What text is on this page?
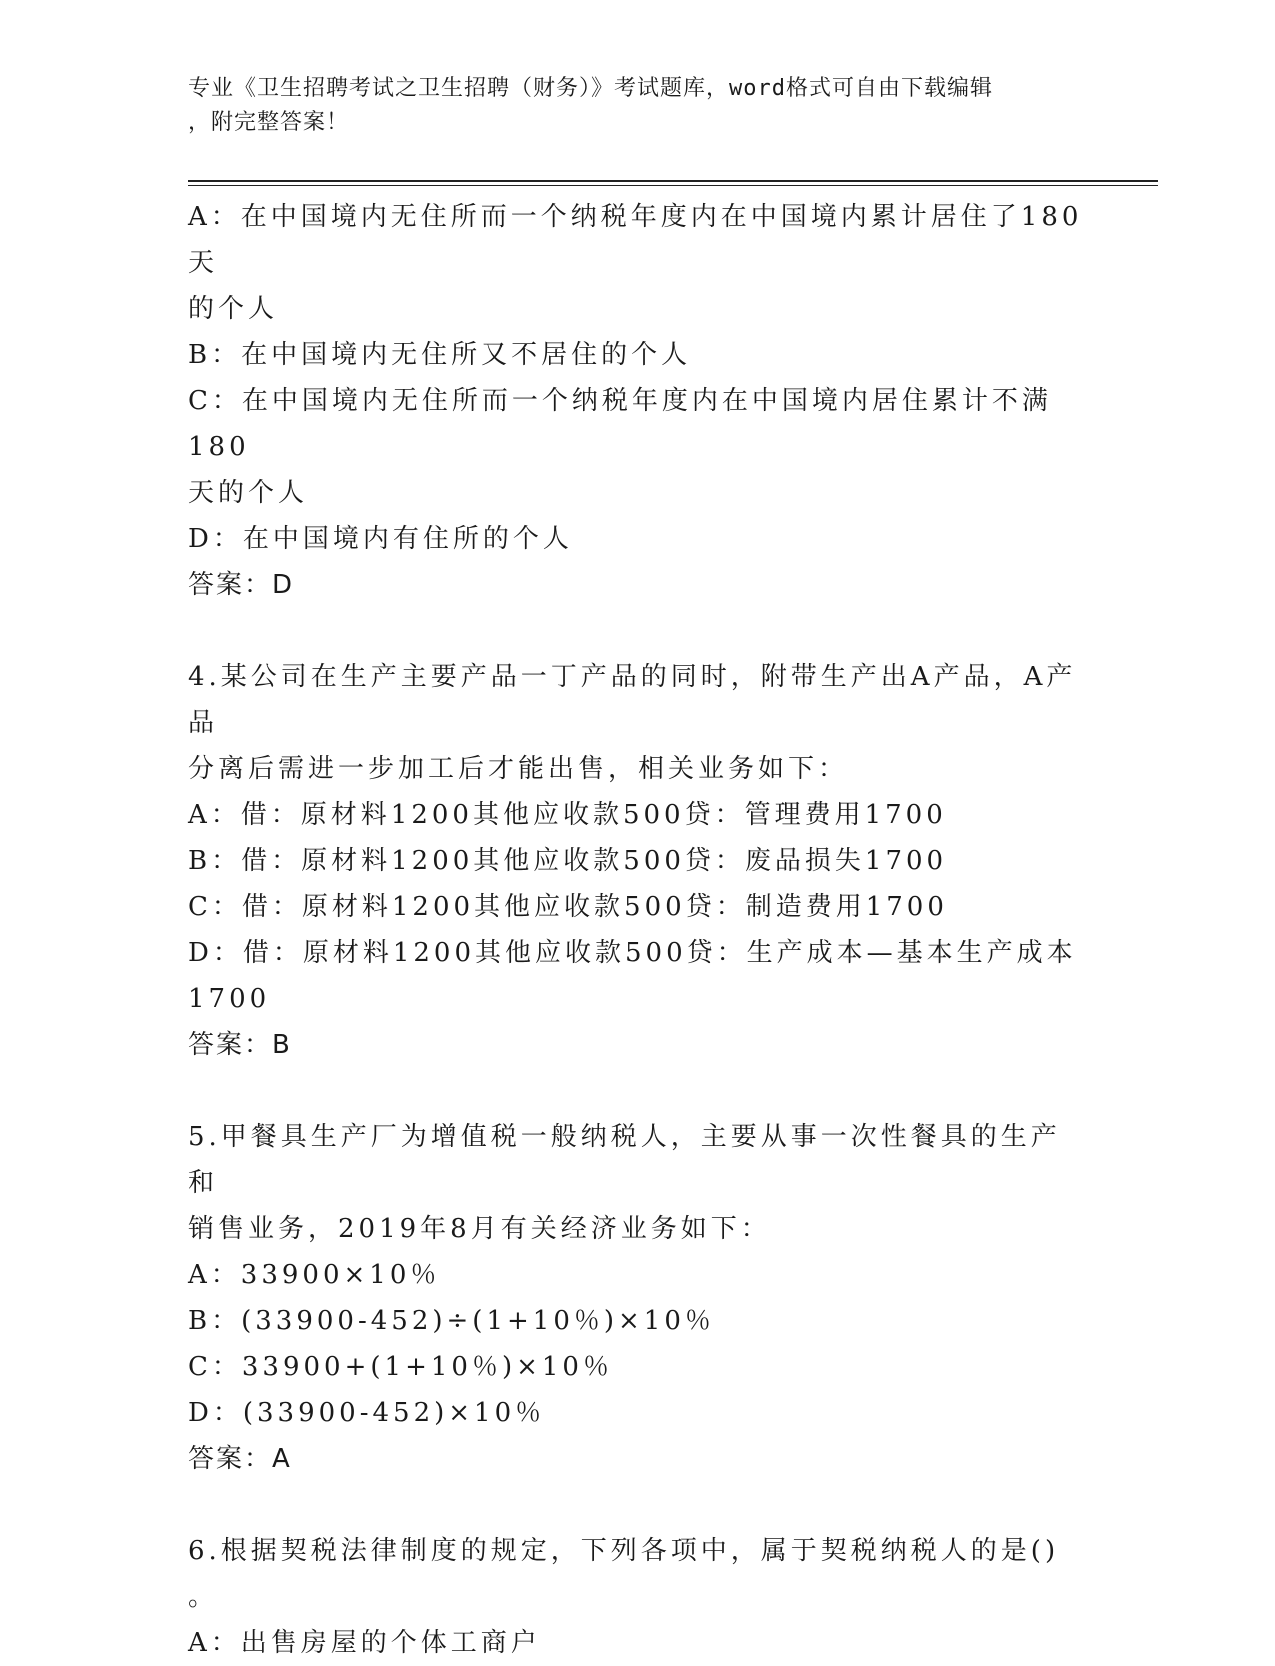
专业《卫生招聘考试之卫生招聘（财务）》考试题库，word格式可自由下载编辑
，附完整答案！
A：在中国境内无住所而一个纳税年度内在中国境内累计居住了180天
的个人
B：在中国境内无住所又不居住的个人
C：在中国境内无住所而一个纳税年度内在中国境内居住累计不满180
天的个人
D：在中国境内有住所的个人
答案：D
4.某公司在生产主要产品一丁产品的同时，附带生产出A产品，A产品
分离后需进一步加工后才能出售，相关业务如下：
A：借：原材料1200其他应收款500贷：管理费用1700
B：借：原材料1200其他应收款500贷：废品损失1700
C：借：原材料1200其他应收款500贷：制造费用1700
D：借：原材料1200其他应收款500贷：生产成本—基本生产成本
1700
答案：B
5.甲餐具生产厂为增值税一般纳税人，主要从事一次性餐具的生产和
销售业务，2019年8月有关经济业务如下：
A：33900×10％
B：(33900-452)÷(1+10％)×10％
C：33900+(1+10％)×10％
D：(33900-452)×10％
答案：A
6.根据契税法律制度的规定，下列各项中，属于契税纳税人的是()
。
A：出售房屋的个体工商户
